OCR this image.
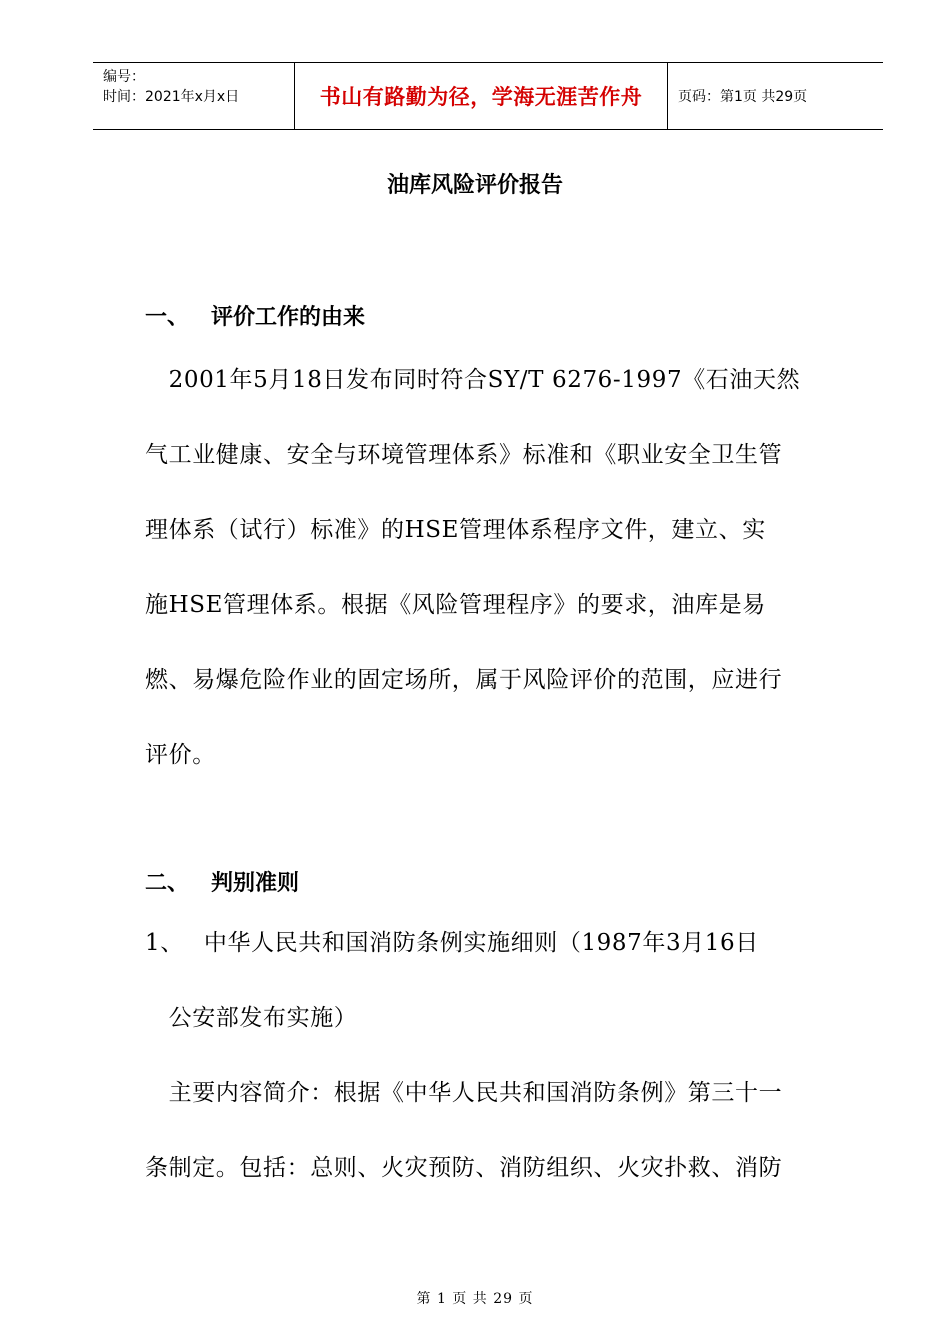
编号：
时间：2021年x月x日	书山有路勤为径，学海无涯苦作舟	页码：第1页 共29页
油库风险评价报告
一、 评价工作的由来
　2001年5月18日发布同时符合SY/T 6276-1997《石油天然
气工业健康、安全与环境管理体系》标准和《职业安全卫生管
理体系（试行）标准》的HSE管理体系程序文件，建立、实
施HSE管理体系。根据《风险管理程序》的要求，油库是易
燃、易爆危险作业的固定场所，属于风险评价的范围，应进行
评价。
二、 判别准则
1、　 中华人民共和国消防条例实施细则（1987年3月16日
　公安部发布实施）
　主要内容简介：根据《中华人民共和国消防条例》第三十一
条制定。包括：总则、火灾预防、消防组织、火灾扑救、消防
第 1 页 共 29 页
